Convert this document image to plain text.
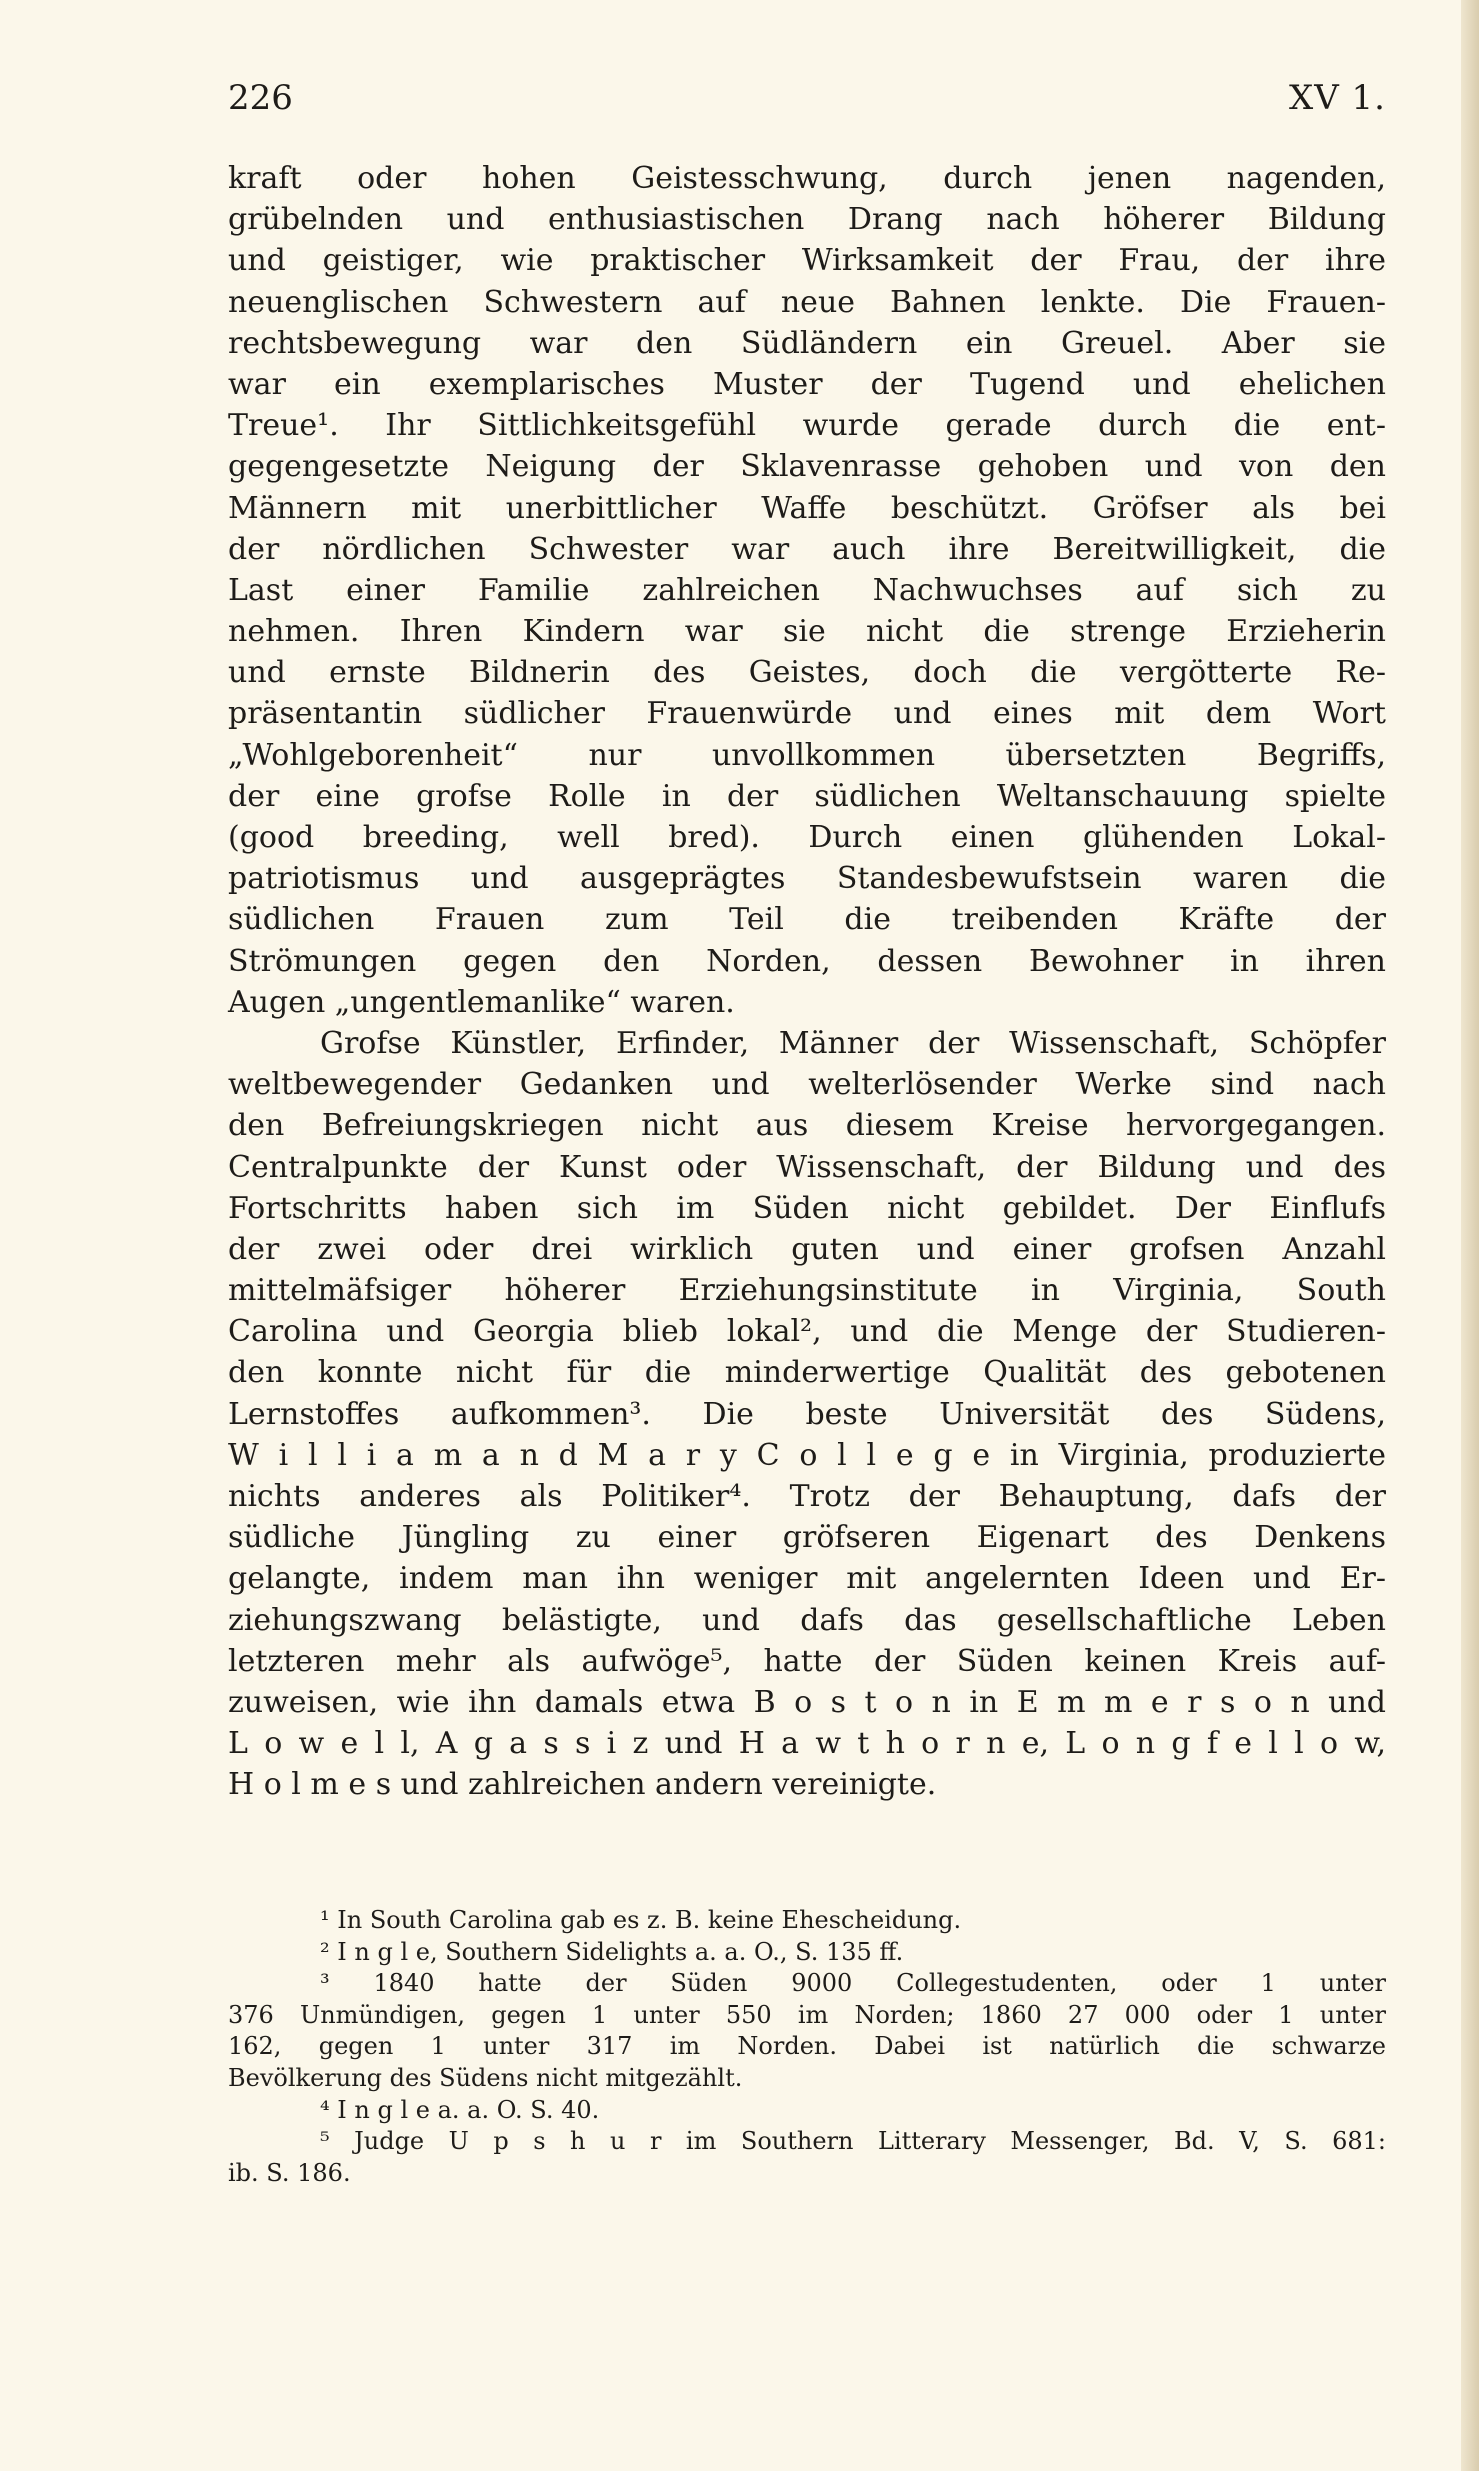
226	XV 1.
kraft oder hohen Geistesschwung, durch jenen nagenden,
grübelnden und enthusiastischen Drang nach höherer Bildung
und geistiger, wie praktischer Wirksamkeit der Frau, der ihre
neuenglischen Schwestern auf neue Bahnen lenkte. Die Frauen-
rechtsbewegung war den Südländern ein Greuel. Aber sie
war ein exemplarisches Muster der Tugend und ehelichen
Treue¹. Ihr Sittlichkeitsgefühl wurde gerade durch die ent-
gegengesetzte Neigung der Sklavenrasse gehoben und von den
Männern mit unerbittlicher Waffe beschützt. Gröfser als bei
der nördlichen Schwester war auch ihre Bereitwilligkeit, die
Last einer Familie zahlreichen Nachwuchses auf sich zu
nehmen. Ihren Kindern war sie nicht die strenge Erzieherin
und ernste Bildnerin des Geistes, doch die vergötterte Re-
präsentantin südlicher Frauenwürde und eines mit dem Wort
„Wohlgeborenheit“ nur unvollkommen übersetzten Begriffs,
der eine grofse Rolle in der südlichen Weltanschauung spielte
(good breeding, well bred). Durch einen glühenden Lokal-
patriotismus und ausgeprägtes Standesbewufstsein waren die
südlichen Frauen zum Teil die treibenden Kräfte der
Strömungen gegen den Norden, dessen Bewohner in ihren
Augen „ungentlemanlike“ waren.
Grofse Künstler, Erfinder, Männer der Wissenschaft, Schöpfer
weltbewegender Gedanken und welterlösender Werke sind nach
den Befreiungskriegen nicht aus diesem Kreise hervorgegangen.
Centralpunkte der Kunst oder Wissenschaft, der Bildung und des
Fortschritts haben sich im Süden nicht gebildet. Der Einflufs
der zwei oder drei wirklich guten und einer grofsen Anzahl
mittelmäfsiger höherer Erziehungsinstitute in Virginia, South
Carolina und Georgia blieb lokal², und die Menge der Studieren-
den konnte nicht für die minderwertige Qualität des gebotenen
Lernstoffes aufkommen³. Die beste Universität des Südens,
W i l l i a m a n d M a r y C o l l e g e in Virginia, produzierte
nichts anderes als Politiker⁴. Trotz der Behauptung, dafs der
südliche Jüngling zu einer gröfseren Eigenart des Denkens
gelangte, indem man ihn weniger mit angelernten Ideen und Er-
ziehungszwang belästigte, und dafs das gesellschaftliche Leben
letzteren mehr als aufwöge⁵, hatte der Süden keinen Kreis auf-
zuweisen, wie ihn damals etwa B o s t o n in E m m e r s o n und
L o w e l l, A g a s s i z und H a w t h o r n e, L o n g f e l l o w,
H o l m e s und zahlreichen andern vereinigte.
¹ In South Carolina gab es z. B. keine Ehescheidung.
² I n g l e, Southern Sidelights a. a. O., S. 135 ff.
³ 1840 hatte der Süden 9000 Collegestudenten, oder 1 unter
376 Unmündigen, gegen 1 unter 550 im Norden; 1860 27 000 oder 1 unter
162, gegen 1 unter 317 im Norden. Dabei ist natürlich die schwarze
Bevölkerung des Südens nicht mitgezählt.
⁴ I n g l e a. a. O. S. 40.
⁵ Judge U p s h u r im Southern Litterary Messenger, Bd. V, S. 681:
ib. S. 186.
